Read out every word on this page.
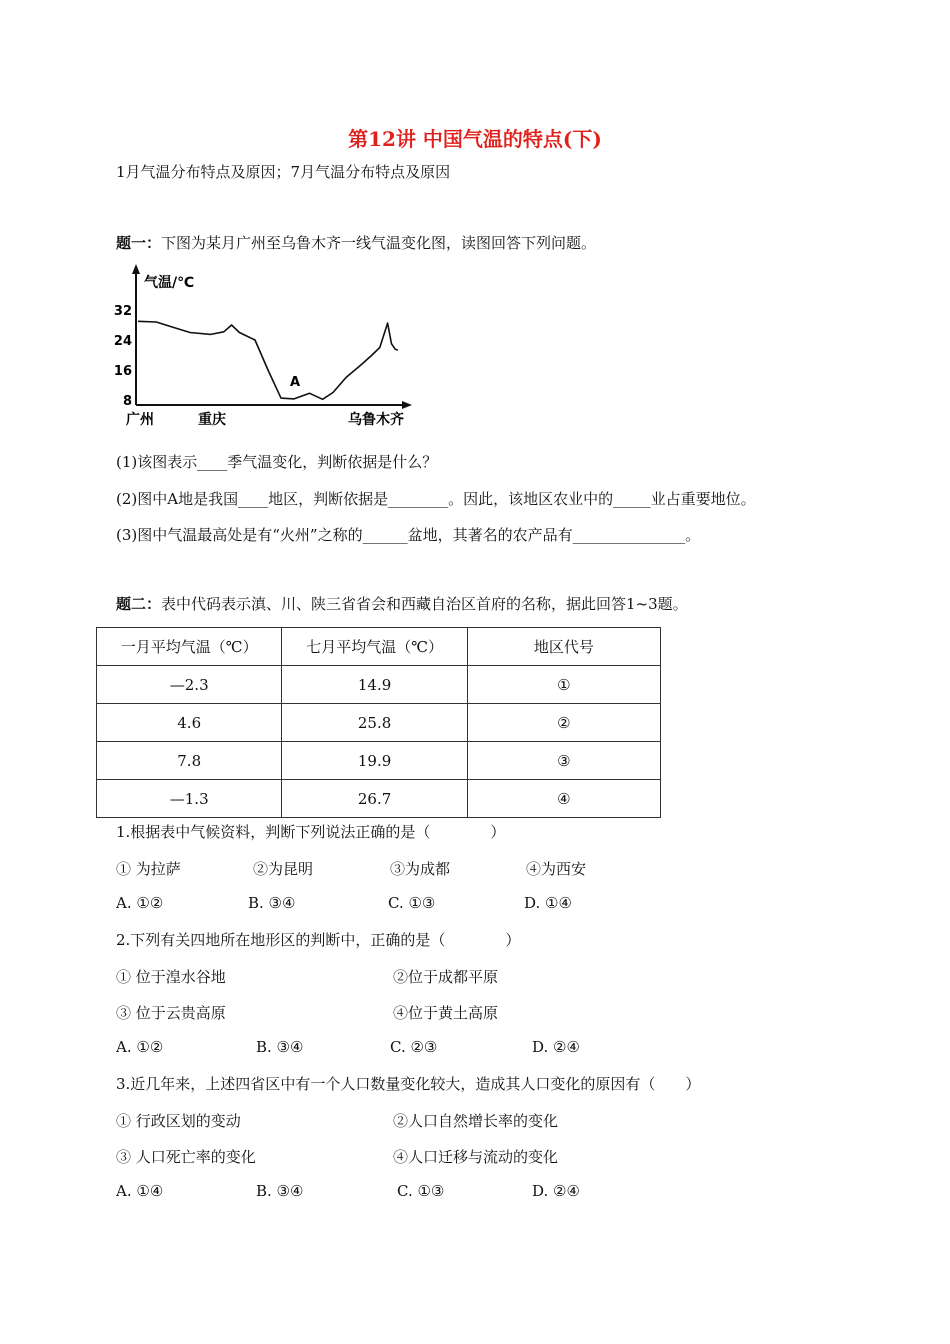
第12讲 中国气温的特点(下)
1月气温分布特点及原因；7月气温分布特点及原因
题一：下图为某月广州至乌鲁木齐一线气温变化图，读图回答下列问题。
气温/℃
32
24
16
8
A
广州	重庆	乌鲁木齐
(1)该图表示____季气温变化，判断依据是什么？
(2)图中A地是我国____地区，判断依据是________。因此，该地区农业中的_____业占重要地位。
(3)图中气温最高处是有“火州”之称的______盆地，其著名的农产品有_______________。
题二：表中代码表示滇、川、陕三省省会和西藏自治区首府的名称，据此回答1~3题。
一月平均气温（℃）	七月平均气温（℃）	地区代号
—2.3	14.9	①
4.6	25.8	②
7.8	19.9	③
—1.3	26.7	④
1.根据表中气候资料，判断下列说法正确的是（　　　　）
① 为拉萨	②为昆明	③为成都	④为西安
A. ①②	B. ③④	C. ①③	D. ①④
2.下列有关四地所在地形区的判断中，正确的是（　　　　）
① 位于湟水谷地	②位于成都平原
③ 位于云贵高原	④位于黄土高原
A. ①②	B. ③④	C. ②③	D. ②④
3.近几年来，上述四省区中有一个人口数量变化较大，造成其人口变化的原因有（　　）
① 行政区划的变动	②人口自然增长率的变化
③ 人口死亡率的变化	④人口迁移与流动的变化
A. ①④	B. ③④	C. ①③	D. ②④
